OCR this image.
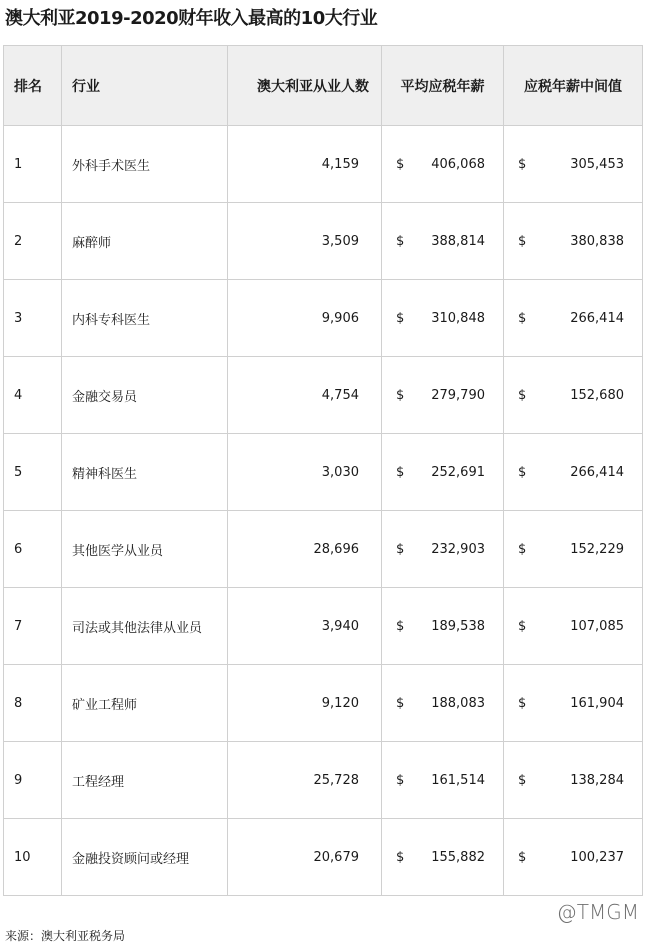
澳大利亚2019-2020财年收入最高的10大行业
排名	行业	澳大利亚从业人数	平均应税年薪	应税年薪中间值
1	外科手术医生	4,159	$ 406,068	$ 305,453

2	麻醉师	3,509	$ 388,814	$ 380,838

3	内科专科医生	9,906	$ 310,848	$ 266,414

4	金融交易员	4,754	$ 279,790	$ 152,680

5	精神科医生	3,030	$ 252,691	$ 266,414

6	其他医学从业员	28,696	$ 232,903	$ 152,229

7	司法或其他法律从业员	3,940	$ 189,538	$ 107,085

8	矿业工程师	9,120	$ 188,083	$ 161,904

9	工程经理	25,728	$ 161,514	$ 138,284

10	金融投资顾问或经理	20,679	$ 155,882	$ 100,237
来源：澳大利亚税务局
@TMGM
